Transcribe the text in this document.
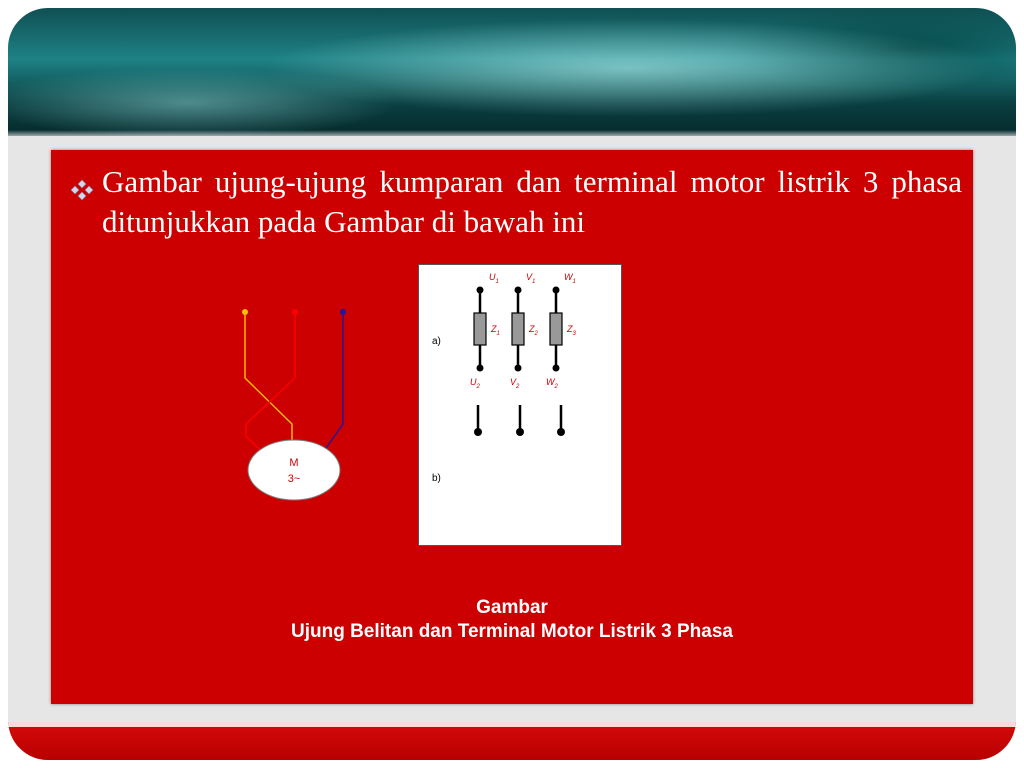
Gambar ujung-ujung kumparan dan terminal motor listrik 3 phasa ditunjukkan pada Gambar di bawah ini
M
3~
$U_1$	$V_1$	$W_1$
$Z_1$	$Z_2$	$Z_3$
$U_2$	$V_2$	$W_2$
a)
b)
Gambar
Ujung Belitan dan Terminal Motor Listrik 3 Phasa
